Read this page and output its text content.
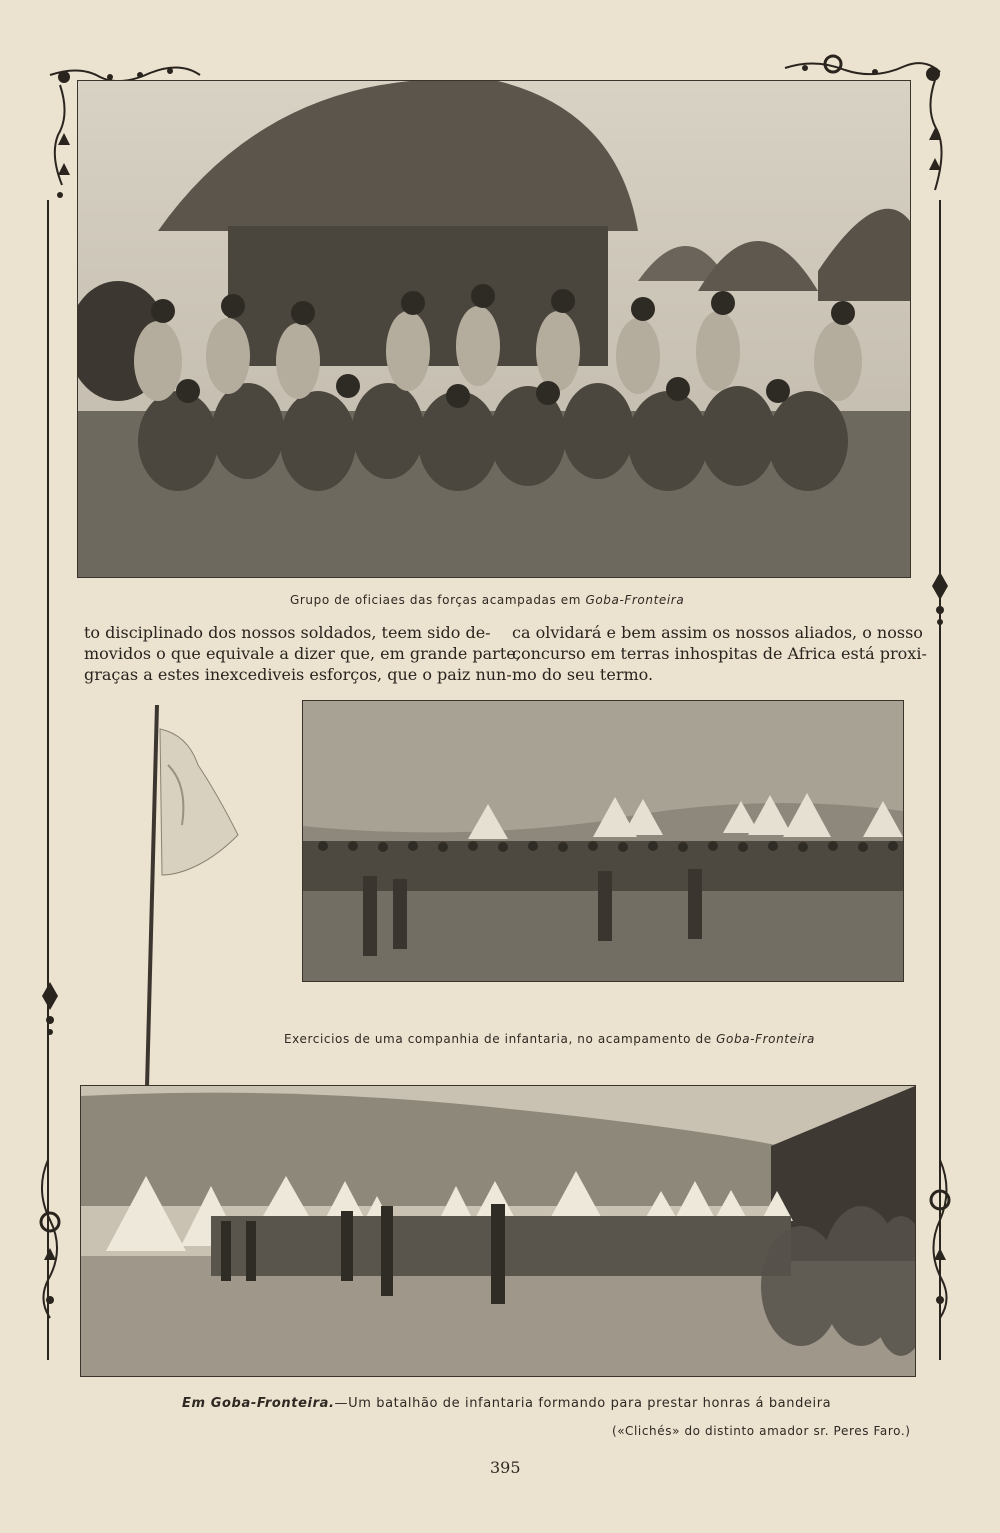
Grupo de oficiaes das forças acampadas em Goba-Fronteira
to disciplinado dos nossos soldados, teem sido de-
movidos o que equivale a dizer que, em grande parte,
graças a estes inexcediveis esforços, que o paiz nun-
ca olvidará e bem assim os nossos aliados, o nosso
concurso em terras inhospitas de Africa está proxi-
mo do seu termo.
Exercicios de uma companhia de infantaria, no acampamento de Goba-Fronteira
Em Goba-Fronteira.—Um batalhão de infantaria formando para prestar honras á bandeira
(«Clichés» do distinto amador sr. Peres Faro.)
395
